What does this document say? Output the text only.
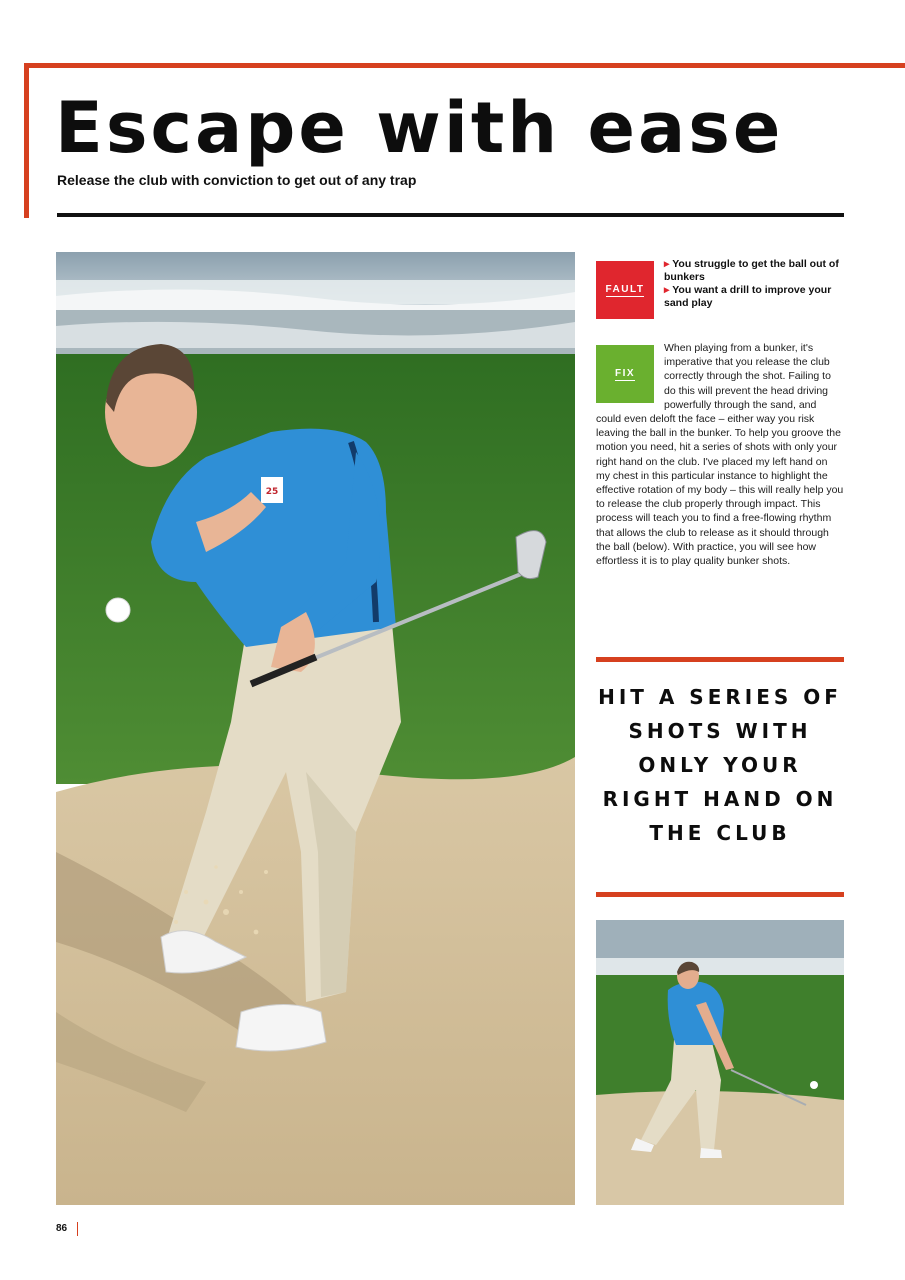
Escape with ease

Release the club with conviction to get out of any trap

25
FAULT
▸ You struggle to get the ball out of bunkers
▸ You want a drill to improve your sand play
FIX
When playing from a bunker, it's imperative that you release the club correctly through the shot. Failing to do this will prevent the head driving powerfully through the sand, and could even deloft the face – either way you risk leaving the ball in the bunker. To help you groove the motion you need, hit a series of shots with only your right hand on the club. I've placed my left hand on my chest in this particular instance to highlight the effective rotation of my body – this will really help you to release the club properly through impact. This process will teach you to find a free-flowing rhythm that allows the club to release as it should through the ball (below). With practice, you will see how effortless it is to play quality bunker shots.

HIT A SERIES OF SHOTS WITH ONLY YOUR RIGHT HAND ON THE CLUB

86
